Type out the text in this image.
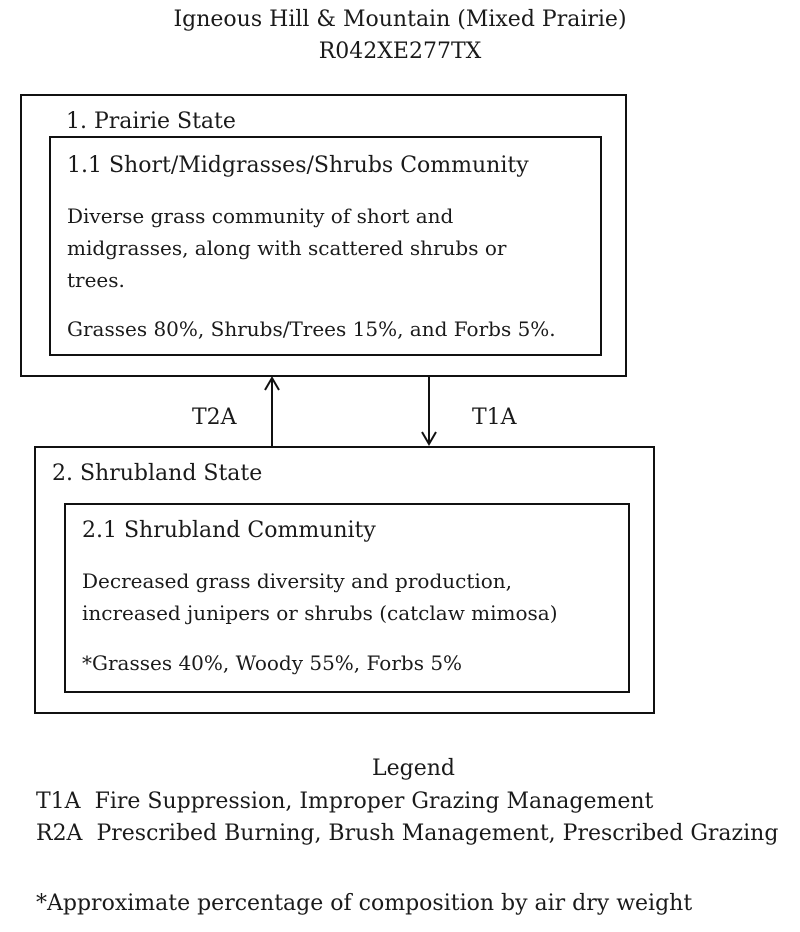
Igneous Hill & Mountain (Mixed Prairie)
R042XE277TX
1. Prairie State
1.1 Short/Midgrasses/Shrubs Community
Diverse grass community of short and midgrasses, along with scattered shrubs or trees.
Grasses 80%, Shrubs/Trees 15%, and Forbs 5%.
T2A	T1A
2. Shrubland State
2.1 Shrubland Community
Decreased grass diversity and production,
increased junipers or shrubs (catclaw mimosa)
*Grasses 40%, Woody 55%, Forbs 5%
Legend
T1A Fire Suppression, Improper Grazing Management
R2A Prescribed Burning, Brush Management, Prescribed Grazing
*Approximate percentage of composition by air dry weight
